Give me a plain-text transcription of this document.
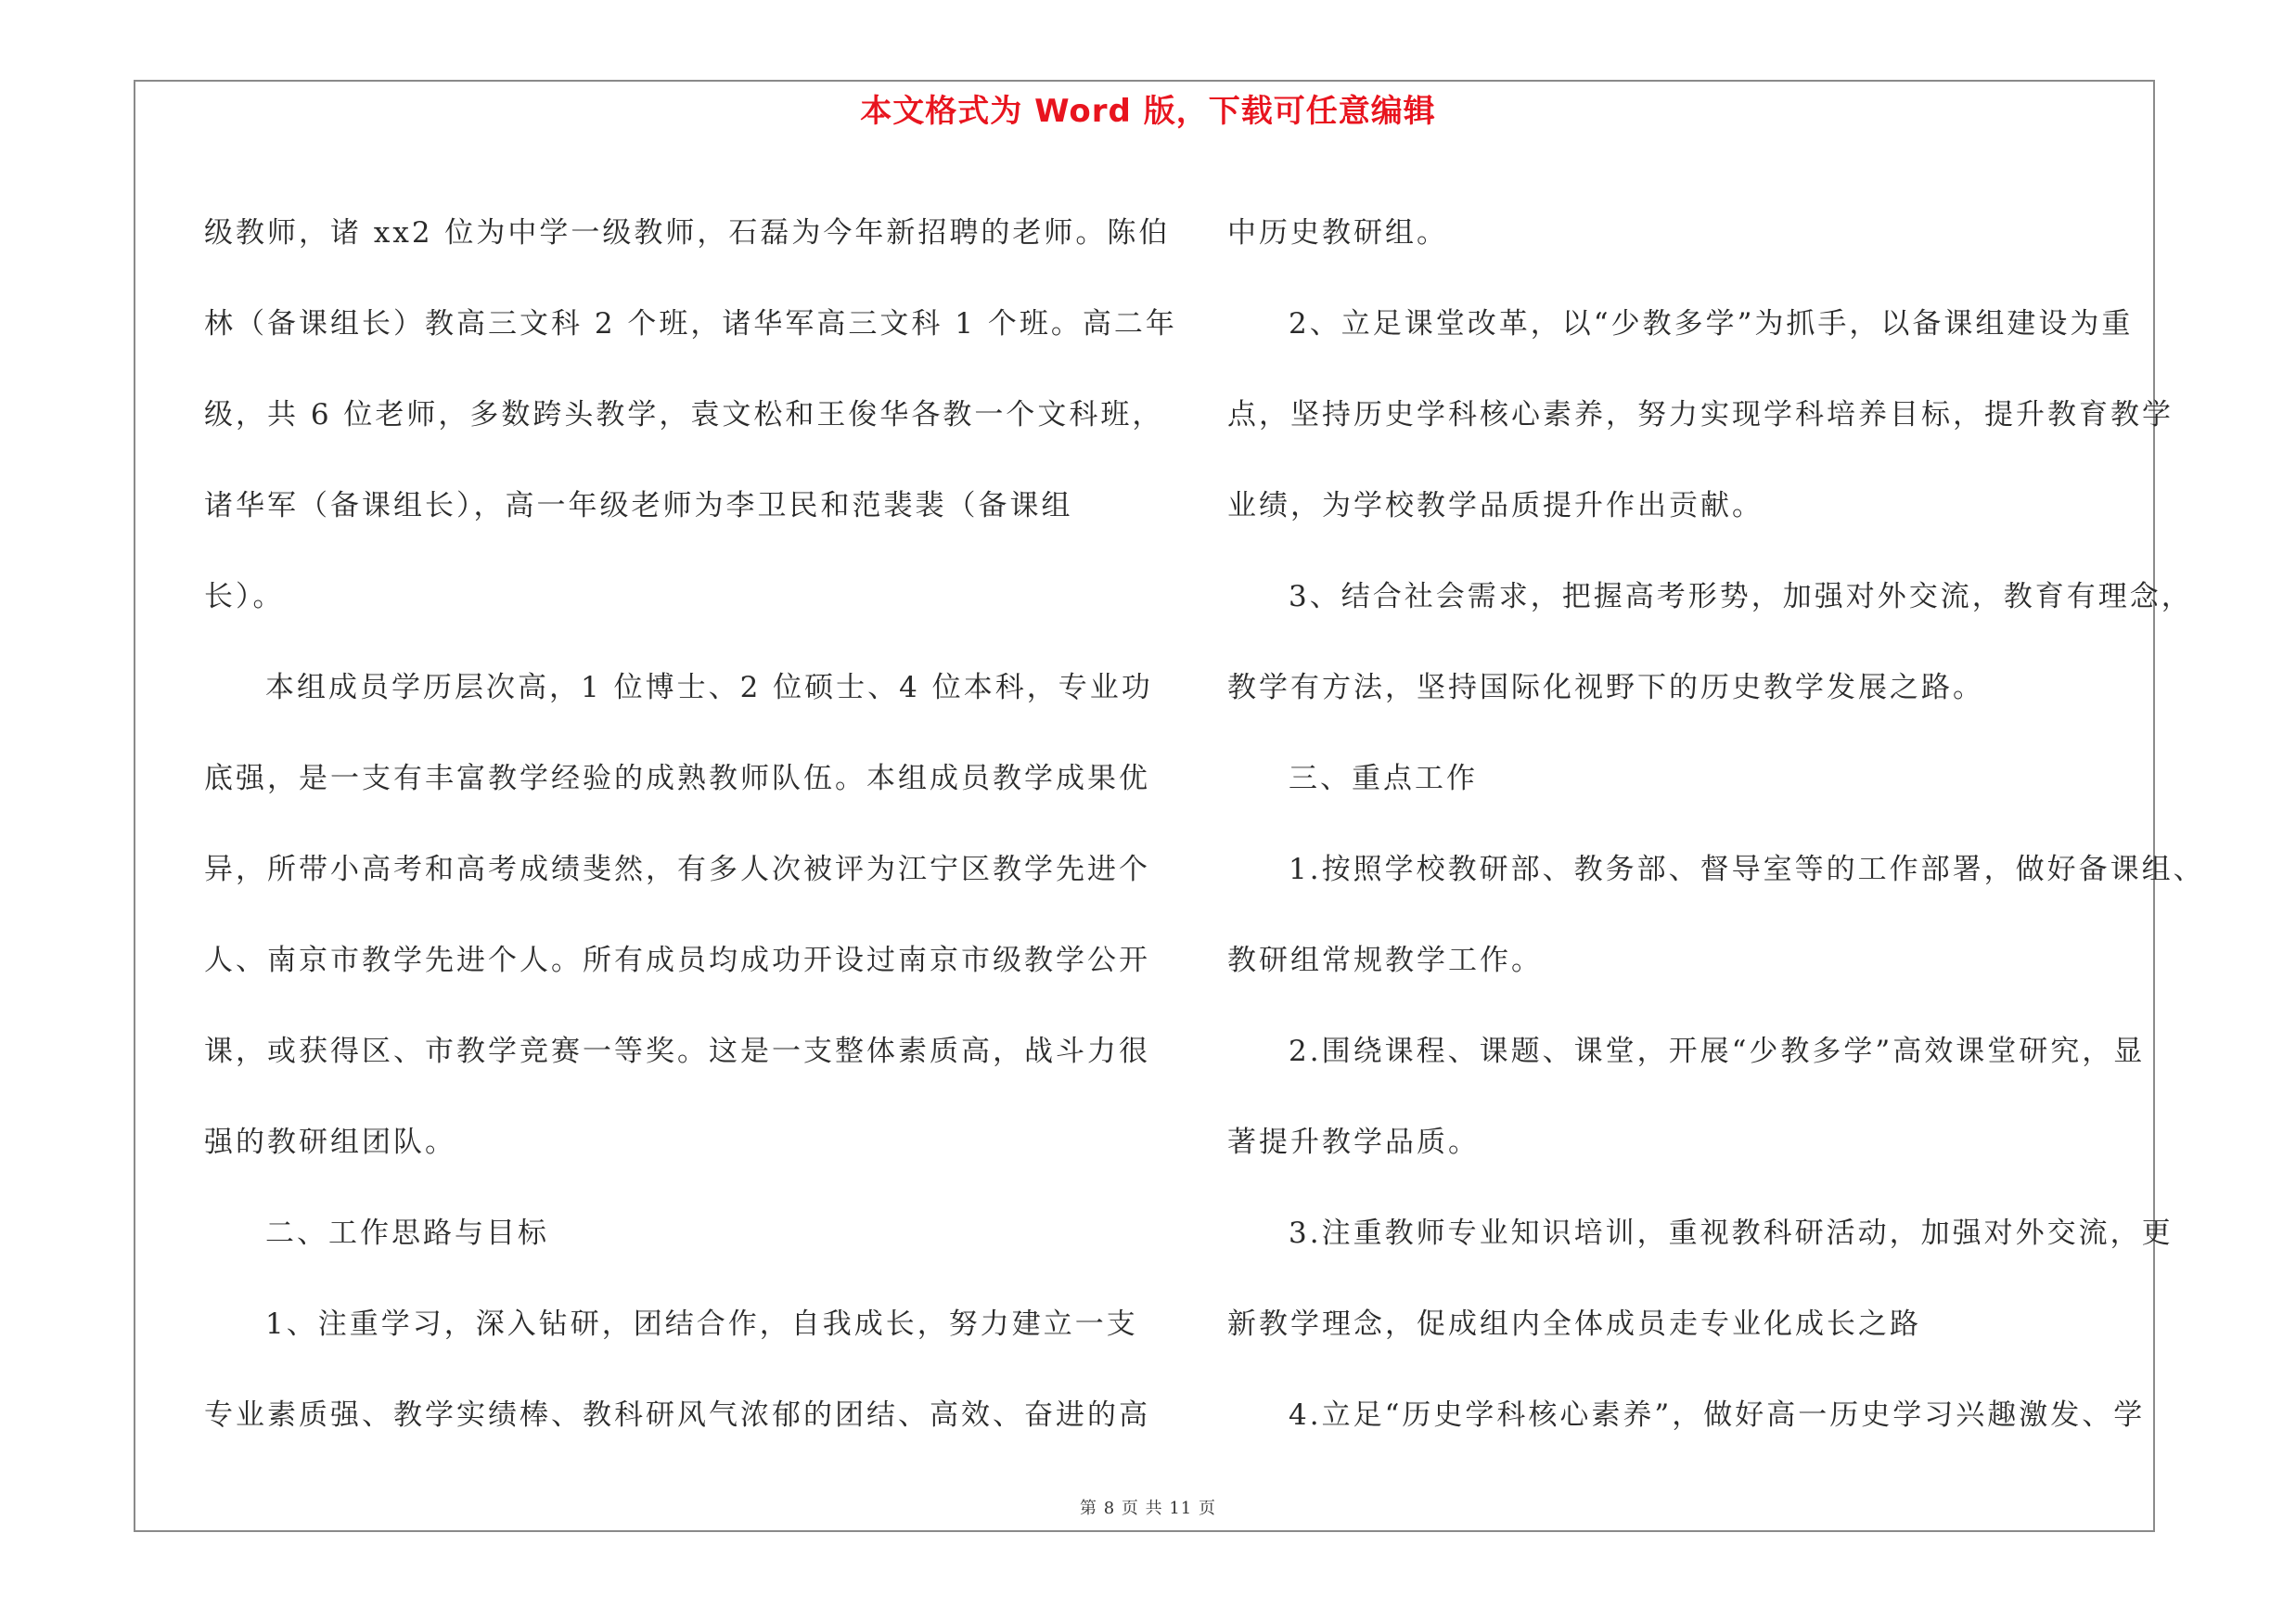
本文格式为 Word 版，下载可任意编辑

级教师，诸 xx2 位为中学一级教师，石磊为今年新招聘的老师。陈伯

林（备课组长）教高三文科 2 个班，诸华军高三文科 1 个班。高二年

级，共 6 位老师，多数跨头教学，袁文松和王俊华各教一个文科班，

诸华军（备课组长），高一年级老师为李卫民和范裴裴（备课组

长）。

本组成员学历层次高，1 位博士、2 位硕士、4 位本科，专业功

底强，是一支有丰富教学经验的成熟教师队伍。本组成员教学成果优

异，所带小高考和高考成绩斐然，有多人次被评为江宁区教学先进个

人、南京市教学先进个人。所有成员均成功开设过南京市级教学公开

课，或获得区、市教学竞赛一等奖。这是一支整体素质高，战斗力很

强的教研组团队。

二、工作思路与目标

1、注重学习，深入钻研，团结合作，自我成长，努力建立一支

专业素质强、教学实绩棒、教科研风气浓郁的团结、高效、奋进的高

中历史教研组。

2、立足课堂改革，以“少教多学”为抓手，以备课组建设为重

点，坚持历史学科核心素养，努力实现学科培养目标，提升教育教学

业绩，为学校教学品质提升作出贡献。

3、结合社会需求，把握高考形势，加强对外交流，教育有理念，

教学有方法，坚持国际化视野下的历史教学发展之路。

三、重点工作

1.按照学校教研部、教务部、督导室等的工作部署，做好备课组、

教研组常规教学工作。

2.围绕课程、课题、课堂，开展“少教多学”高效课堂研究，显

著提升教学品质。

3.注重教师专业知识培训，重视教科研活动，加强对外交流，更

新教学理念，促成组内全体成员走专业化成长之路

4.立足“历史学科核心素养”，做好高一历史学习兴趣激发、学

第 8 页 共 11 页
